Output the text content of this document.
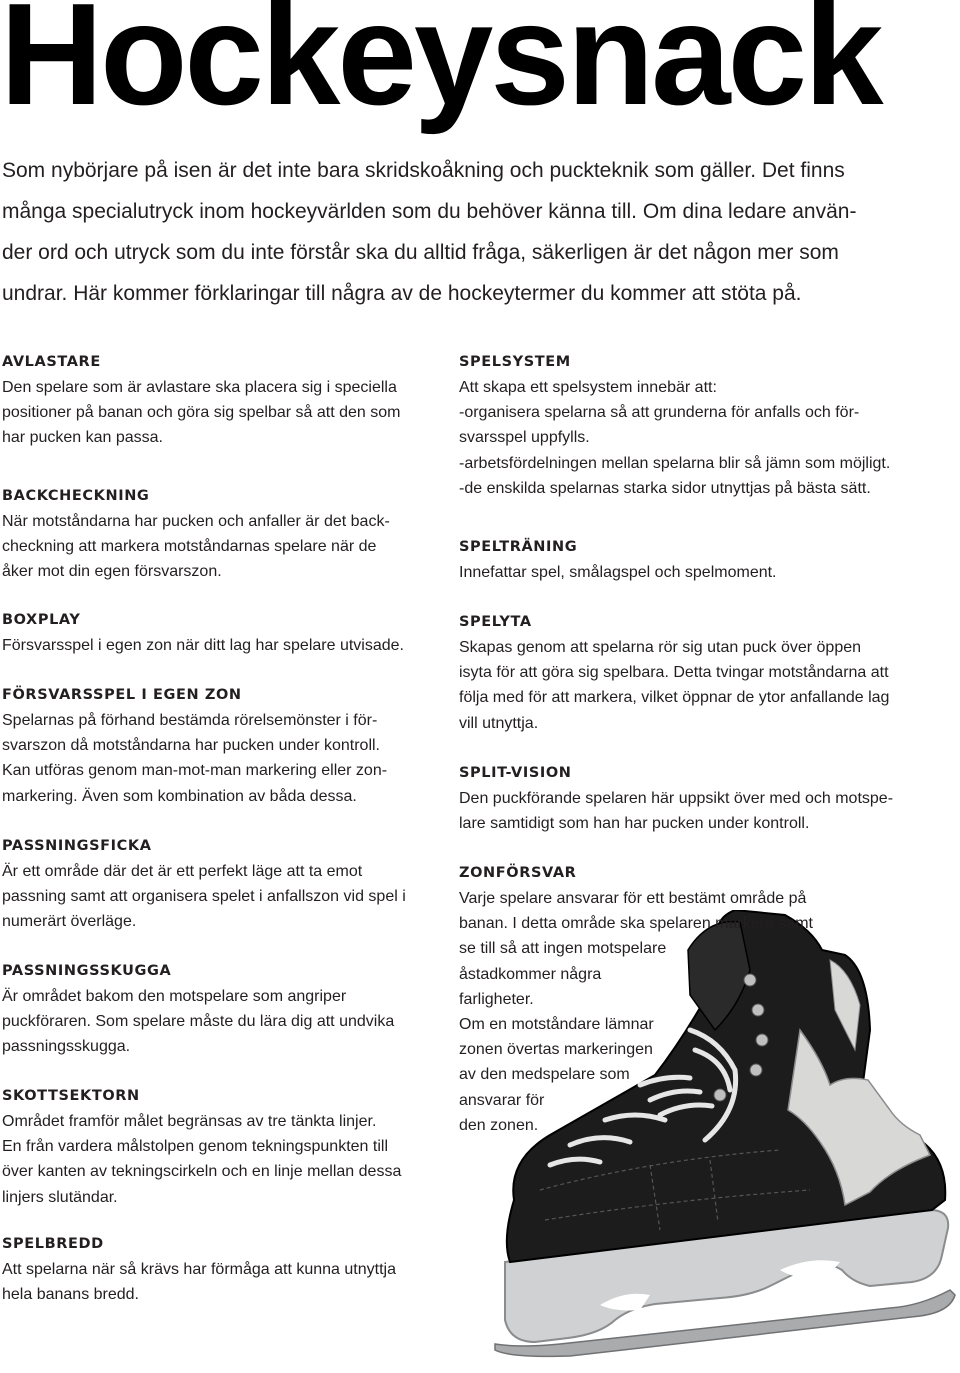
Hockeysnack

Som nybörjare på isen är det inte bara skridskoåkning och puckteknik som gäller. Det finns
många specialutryck inom hockeyvärlden som du behöver känna till. Om dina ledare använ-
der ord och utryck som du inte förstår ska du alltid fråga, säkerligen är det någon mer som
undrar. Här kommer förklaringar till några av de hockeytermer du kommer att stöta på.

AVLASTARE
Den spelare som är avlastare ska placera sig i speciella
positioner på banan och göra sig spelbar så att den som
har pucken kan passa.
BACKCHECKNING
När motståndarna har pucken och anfaller är det back-
checkning att markera motståndarnas spelare när de
åker mot din egen försvarszon.
BOXPLAY
Försvarsspel i egen zon när ditt lag har spelare utvisade.
FÖRSVARSSPEL I EGEN ZON
Spelarnas på förhand bestämda rörelsemönster i för-
svarszon då motståndarna har pucken under kontroll.
Kan utföras genom man-mot-man markering eller zon-
markering. Även som kombination av båda dessa.
PASSNINGSFICKA
Är ett område där det är ett perfekt läge att ta emot
passning samt att organisera spelet i anfallszon vid spel i
numerärt överläge.
PASSNINGSSKUGGA
Är området bakom den motspelare som angriper
puckföraren. Som spelare måste du lära dig att undvika
passningsskugga.
SKOTTSEKTORN
Området framför målet begränsas av tre tänkta linjer.
En från vardera målstolpen genom tekningspunkten till
över kanten av tekningscirkeln och en linje mellan dessa
linjers slutändar.
SPELBREDD
Att spelarna när så krävs har förmåga att kunna utnyttja
hela banans bredd.
SPELSYSTEM
Att skapa ett spelsystem innebär att:
-organisera spelarna så att grunderna för anfalls och för-
svarsspel uppfylls.
-arbetsfördelningen mellan spelarna blir så jämn som möjligt.
-de enskilda spelarnas starka sidor utnyttjas på bästa sätt.
SPELTRÄNING
Innefattar spel, smålagspel och spelmoment.
SPELYTA
Skapas genom att spelarna rör sig utan puck över öppen
isyta för att göra sig spelbara. Detta tvingar motståndarna att
följa med för att markera, vilket öppnar de ytor anfallande lag
vill utnyttja.
SPLIT-VISION
Den puckförande spelaren här uppsikt över med och motspe-
lare samtidigt som han har pucken under kontroll.
ZONFÖRSVAR
Varje spelare ansvarar för ett bestämt område på
banan. I detta område ska spelaren markera samt
se till så att ingen motspelare
åstadkommer några
farligheter.
Om en motståndare lämnar
zonen övertas markeringen
av den medspelare som
ansvarar för
den zonen.
